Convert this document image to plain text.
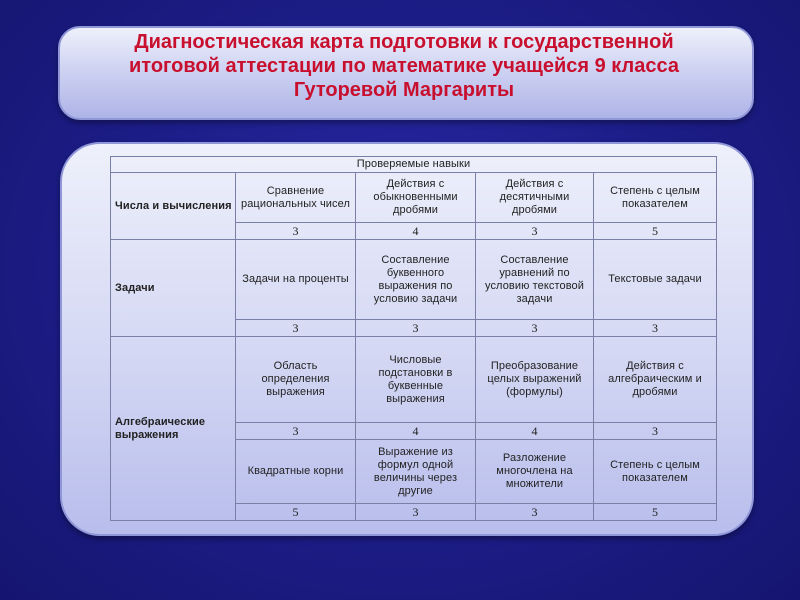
Диагностическая карта подготовки к государственной
итоговой аттестации по математике учащейся 9 класса
Гуторевой Маргариты
Проверяемые навыки				
Числа и вычисления	Сравнение рациональных чисел	Действия с обыкновенными дробями	Действия с десятичными дробями	Степень с целым показателем
	3	4	3	5
Задачи	Задачи на проценты	Составление буквенного выражения по условию задачи	Составление уравнений по условию текстовой задачи	Текстовые задачи
	3	3	3	3
Алгебраические выражения	Область определения выражения	Числовые подстановки в буквенные выражения	Преобразование целых выражений (формулы)	Действия с алгебраическим и дробями
	3	4	4	3
	Квадратные корни	Выражение из формул одной величины через другие	Разложение многочлена на множители	Степень с целым показателем
	5	3	3	5
